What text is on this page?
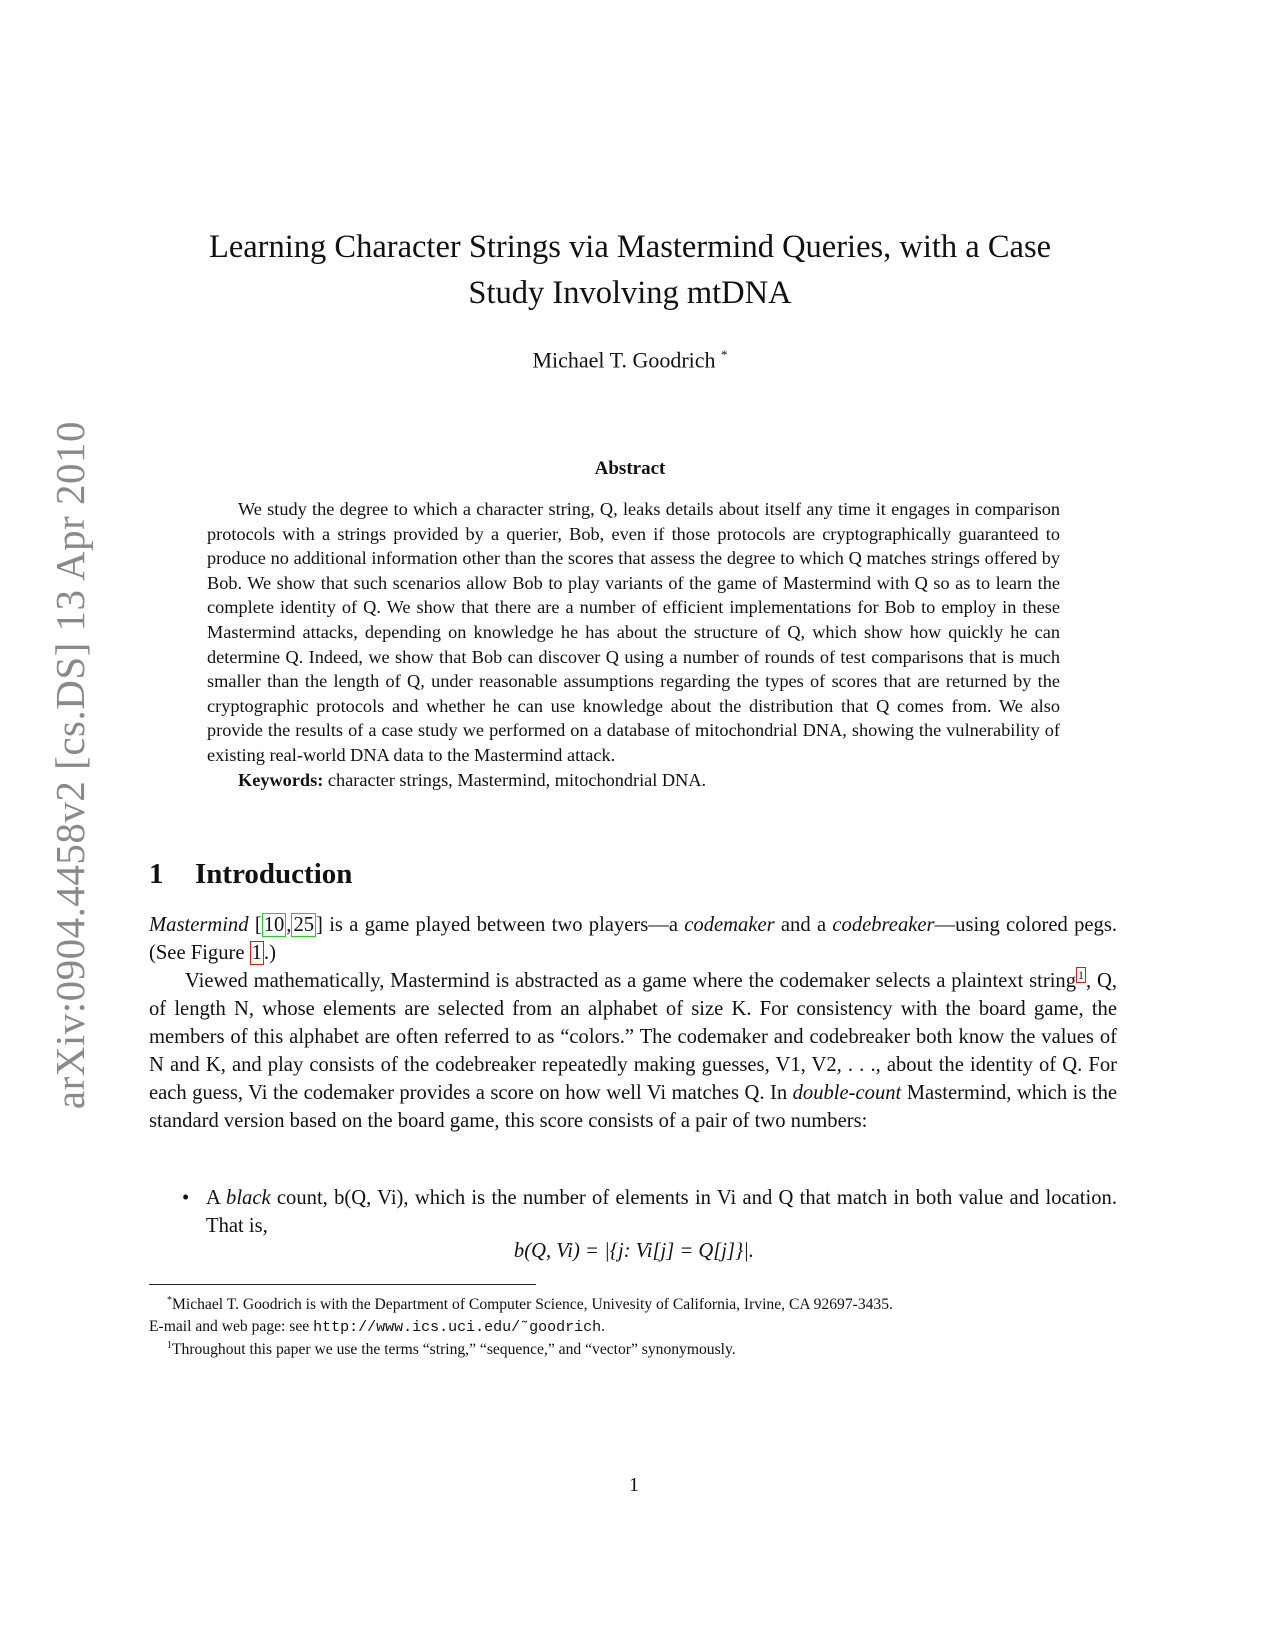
arXiv:0904.4458v2 [cs.DS] 13 Apr 2010
Learning Character Strings via Mastermind Queries, with a Case
Study Involving mtDNA
Michael T. Goodrich *
Abstract

We study the degree to which a character string, Q, leaks details about itself any time it engages in comparison protocols with a strings provided by a querier, Bob, even if those protocols are cryptographically guaranteed to produce no additional information other than the scores that assess the degree to which Q matches strings offered by Bob. We show that such scenarios allow Bob to play variants of the game of Mastermind with Q so as to learn the complete identity of Q. We show that there are a number of efficient implementations for Bob to employ in these Mastermind attacks, depending on knowledge he has about the structure of Q, which show how quickly he can determine Q. Indeed, we show that Bob can discover Q using a number of rounds of test comparisons that is much smaller than the length of Q, under reasonable assumptions regarding the types of scores that are returned by the cryptographic protocols and whether he can use knowledge about the distribution that Q comes from. We also provide the results of a case study we performed on a database of mitochondrial DNA, showing the vulnerability of existing real-world DNA data to the Mastermind attack.

Keywords: character strings, Mastermind, mitochondrial DNA.

1 Introduction

Mastermind [10,25] is a game played between two players—a codemaker and a codebreaker—using colored pegs. (See Figure 1.)

Viewed mathematically, Mastermind is abstracted as a game where the codemaker selects a plaintext string $^1$, Q, of length N, whose elements are selected from an alphabet of size K. For consistency with the board game, the members of this alphabet are often referred to as “colors.” The codemaker and codebreaker both know the values of N and K, and play consists of the codebreaker repeatedly making guesses, V1, V2, . . ., about the identity of Q. For each guess, Vi the codemaker provides a score on how well Vi matches Q. In double-count Mastermind, which is the standard version based on the board game, this score consists of a pair of two numbers:

• A black count, b(Q, Vi), which is the number of elements in Vi and Q that match in both value and location. That is,
b(Q, Vi) = |{j: Vi[j] = Q[j]}|.
*Michael T. Goodrich is with the Department of Computer Science, Univesity of California, Irvine, CA 92697-3435.
E-mail and web page: see http://www.ics.uci.edu/˜goodrich.
$^1$Throughout this paper we use the terms “string,” “sequence,” and “vector” synonymously.
1
